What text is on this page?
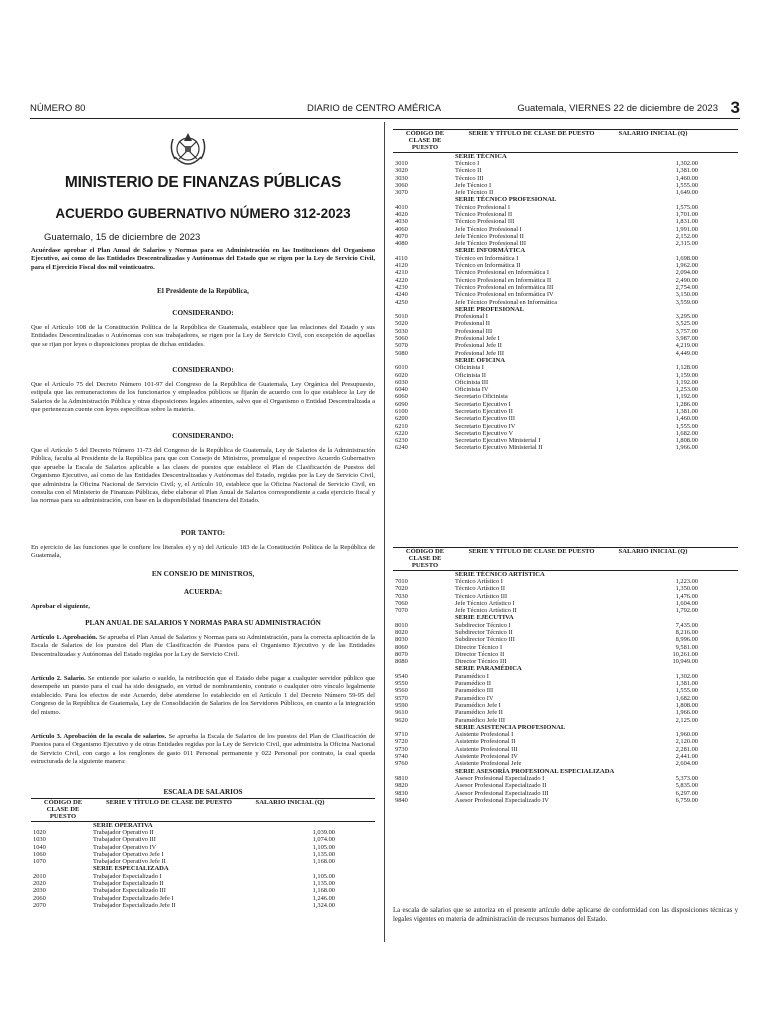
NÚMERO 80	DIARIO de CENTRO AMÉRICA	Guatemala, VIERNES 22 de diciembre de 2023 3
MINISTERIO DE FINANZAS PÚBLICAS
ACUERDO GUBERNATIVO NÚMERO 312-2023
Guatemalo, 15 de diciembre de 2023
Acuérdase aprobar el Plan Anual de Salarios y Normas para su Administración en las Instituciones del Organismo Ejecutivo, así como de las Entidades Descentralizadas y Autónomas del Estado que se rigen por la Ley de Servicio Civil, para el Ejercicio Fiscal dos mil veinticuatro.
El Presidente de la República,
CONSIDERANDO:
Que el Artículo 108 de la Constitución Política de la República de Guatemala, establece que las relaciones del Estado y sus Entidades Descentralizadas o Autónomas con sus trabajadores, se rigen por la Ley de Servicio Civil, con excepción de aquellas que se rijan por leyes o disposiciones propias de dichas entidades.
CONSIDERANDO:
Que el Artículo 75 del Decreto Número 101-97 del Congreso de la República de Guatemala, Ley Orgánica del Presupuesto, estipula que las remuneraciones de los funcionarios y empleados públicos se fijarán de acuerdo con lo que establece la Ley de Salarios de la Administración Pública y otras disposiciones legales atinentes, salvo que el Organismo o Entidad Descentralizada a que pertenezcan cuente con leyes específicas sobre la materia.
CONSIDERANDO:
Que el Artículo 5 del Decreto Número 11-73 del Congreso de la República de Guatemala, Ley de Salarios de la Administración Pública, faculta al Presidente de la República para que con Consejo de Ministros, promulgue el respectivo Acuerdo Gubernativo que apruebe la Escala de Salarios aplicable a las clases de puestos que establece el Plan de Clasificación de Puestos del Organismo Ejecutivo, así como de las Entidades Descentralizadas y Autónomas del Estado, regidas por la Ley de Servicio Civil, que administra la Oficina Nacional de Servicio Civil; y, el Artículo 10, establece que la Oficina Nacional de Servicio Civil, en consulta con el Ministerio de Finanzas Públicas, debe elaborar el Plan Anual de Salarios correspondiente a cada ejercicio fiscal y las normas para su administración, con base en la disponibilidad financiera del Estado.
POR TANTO:
En ejercicio de las funciones que le confiere los literales e) y n) del Artículo 183 de la Constitución Política de la República de Guatemala,
EN CONSEJO DE MINISTROS,
ACUERDA:
Aprobar el siguiente,
PLAN ANUAL DE SALARIOS Y NORMAS PARA SU ADMINISTRACIÓN
Artículo 1. Aprobación. Se aprueba el Plan Anual de Salarios y Normas para su Administración, para la correcta aplicación de la Escala de Salarios de los puestos del Plan de Clasificación de Puestos para el Organismo Ejecutivo y de las Entidades Descentralizadas y Autónomas del Estado regidas por la Ley de Servicio Civil.
Artículo 2. Salario. Se entiende por salario o sueldo, la retribución que el Estado debe pagar a cualquier servidor público que desempeñe un puesto para el cual ha sido designado, en virtud de nombramiento, contrato o cualquier otro vínculo legalmente establecido. Para los efectos de este Acuerdo, debe atenderse lo establecido en el Artículo 1 del Decreto Número 59-95 del Congreso de la República de Guatemala, Ley de Consolidación de Salarios de los Servidores Públicos, en cuanto a la integración del mismo.
Artículo 3. Aprobación de la escala de salarios. Se aprueba la Escala de Salarios de los puestos del Plan de Clasificación de Puestos para el Organismo Ejecutivo y de otras Entidades regidas por la Ley de Servicio Civil, que administra la Oficina Nacional de Servicio Civil, con cargo a los renglones de gasto 011 Personal permanente y 022 Personal por contrato, la cual queda estructurada de la siguiente manera:
ESCALA DE SALARIOS
CÓDIGO DE CLASE DE PUESTO	SERIE Y TÍTULO DE CLASE DE PUESTO	SALARIO INICIAL (Q)
	SERIE OPERATIVA	
1020	Trabajador Operativo II	1,039.00
1030	Trabajador Operativo III	1,074.00
1040	Trabajador Operativo IV	1,105.00
1060	Trabajador Operativo Jefe I	1,135.00
1070	Trabajador Operativo Jefe II	1,168.00
	SERIE ESPECIALIZADA	
2010	Trabajador Especializado I	1,105.00
2020	Trabajador Especializado II	1,135.00
2030	Trabajador Especializado III	1,168.00
2060	Trabajador Especializado Jefe I	1,246.00
2070	Trabajador Especializado Jefe II	1,324.00
CÓDIGO DE CLASE DE PUESTO	SERIE Y TÍTULO DE CLASE DE PUESTO	SALARIO INICIAL (Q)
	SERIE TÉCNICA	
3010	Técnico I	1,302.00
3020	Técnico II	1,381.00
3030	Técnico III	1,460.00
3060	Jefe Técnico I	1,555.00
3070	Jefe Técnico II	1,649.00
	SERIE TÉCNICO PROFESIONAL	
4010	Técnico Profesional I	1,575.00
4020	Técnico Profesional II	1,701.00
4030	Técnico Profesional III	1,831.00
4060	Jefe Técnico Profesional I	1,991.00
4070	Jefe Técnico Profesional II	2,152.00
4080	Jefe Técnico Profesional III	2,315.00
	SERIE INFORMÁTICA	
4110	Técnico en Informática I	1,698.00
4120	Técnico en Informática II	1,962.00
4210	Técnico Profesional en Informática I	2,094.00
4220	Técnico Profesional en Informática II	2,490.00
4230	Técnico Profesional en Informática III	2,754.00
4240	Técnico Profesional en Informática IV	3,150.00
4250	Jefe Técnico Profesional en Informática	3,559.00
	SERIE PROFESIONAL	
5010	Profesional I	3,295.00
5020	Profesional II	3,525.00
5030	Profesional III	3,757.00
5060	Profesional Jefe I	3,987.00
5070	Profesional Jefe II	4,219.00
5080	Profesional Jefe III	4,449.00
	SERIE OFICINA	
6010	Oficinista I	1,128.00
6020	Oficinista II	1,159.00
6030	Oficinista III	1,192.00
6040	Oficinista IV	1,253.00
6060	Secretario Oficinista	1,192.00
6090	Secretario Ejecutivo I	1,286.00
6100	Secretario Ejecutivo II	1,381.00
6200	Secretario Ejecutivo III	1,460.00
6210	Secretario Ejecutivo IV	1,555.00
6220	Secretario Ejecutivo V	1,682.00
6230	Secretario Ejecutivo Ministerial I	1,808.00
6240	Secretario Ejecutivo Ministerial II	1,966.00
CÓDIGO DE CLASE DE PUESTO	SERIE Y TÍTULO DE CLASE DE PUESTO	SALARIO INICIAL (Q)
	SERIE TÉCNICO ARTÍSTICA	
7010	Técnico Artístico I	1,223.00
7020	Técnico Artístico II	1,350.00
7030	Técnico Artístico III	1,476.00
7060	Jefe Técnico Artístico I	1,604.00
7070	Jefe Técnico Artístico II	1,792.00
	SERIE EJECUTIVA	
8010	Subdirector Técnico I	7,435.00
8020	Subdirector Técnico II	8,216.00
8030	Subdirector Técnico III	8,996.00
8060	Director Técnico I	9,581.00
8070	Director Técnico II	10,261.00
8080	Director Técnico III	10,949.00
	SERIE PARAMÉDICA	
9540	Paramédico I	1,302.00
9550	Paramédico II	1,381.00
9560	Paramédico III	1,555.00
9570	Paramédico IV	1,682.00
9590	Paramédico Jefe I	1,808.00
9610	Paramédico Jefe II	1,966.00
9620	Paramédico Jefe III	2,125.00
	SERIE ASISTENCIA PROFESIONAL	
9710	Asistente Profesional I	1,960.00
9720	Asistente Profesional II	2,120.00
9730	Asistente Profesional III	2,281.00
9740	Asistente Profesional IV	2,441.00
9760	Asistente Profesional Jefe	2,604.00
	SERIE ASESORÍA PROFESIONAL ESPECIALIZADA	
9810	Asesor Profesional Especializado I	5,373.00
9820	Asesor Profesional Especializado II	5,835.00
9830	Asesor Profesional Especializado III	6,297.00
9840	Asesor Profesional Especializado IV	6,759.00
La escala de salarios que se autoriza en el presente artículo debe aplicarse de conformidad con las disposiciones técnicas y legales vigentes en materia de administración de recursos humanos del Estado.
